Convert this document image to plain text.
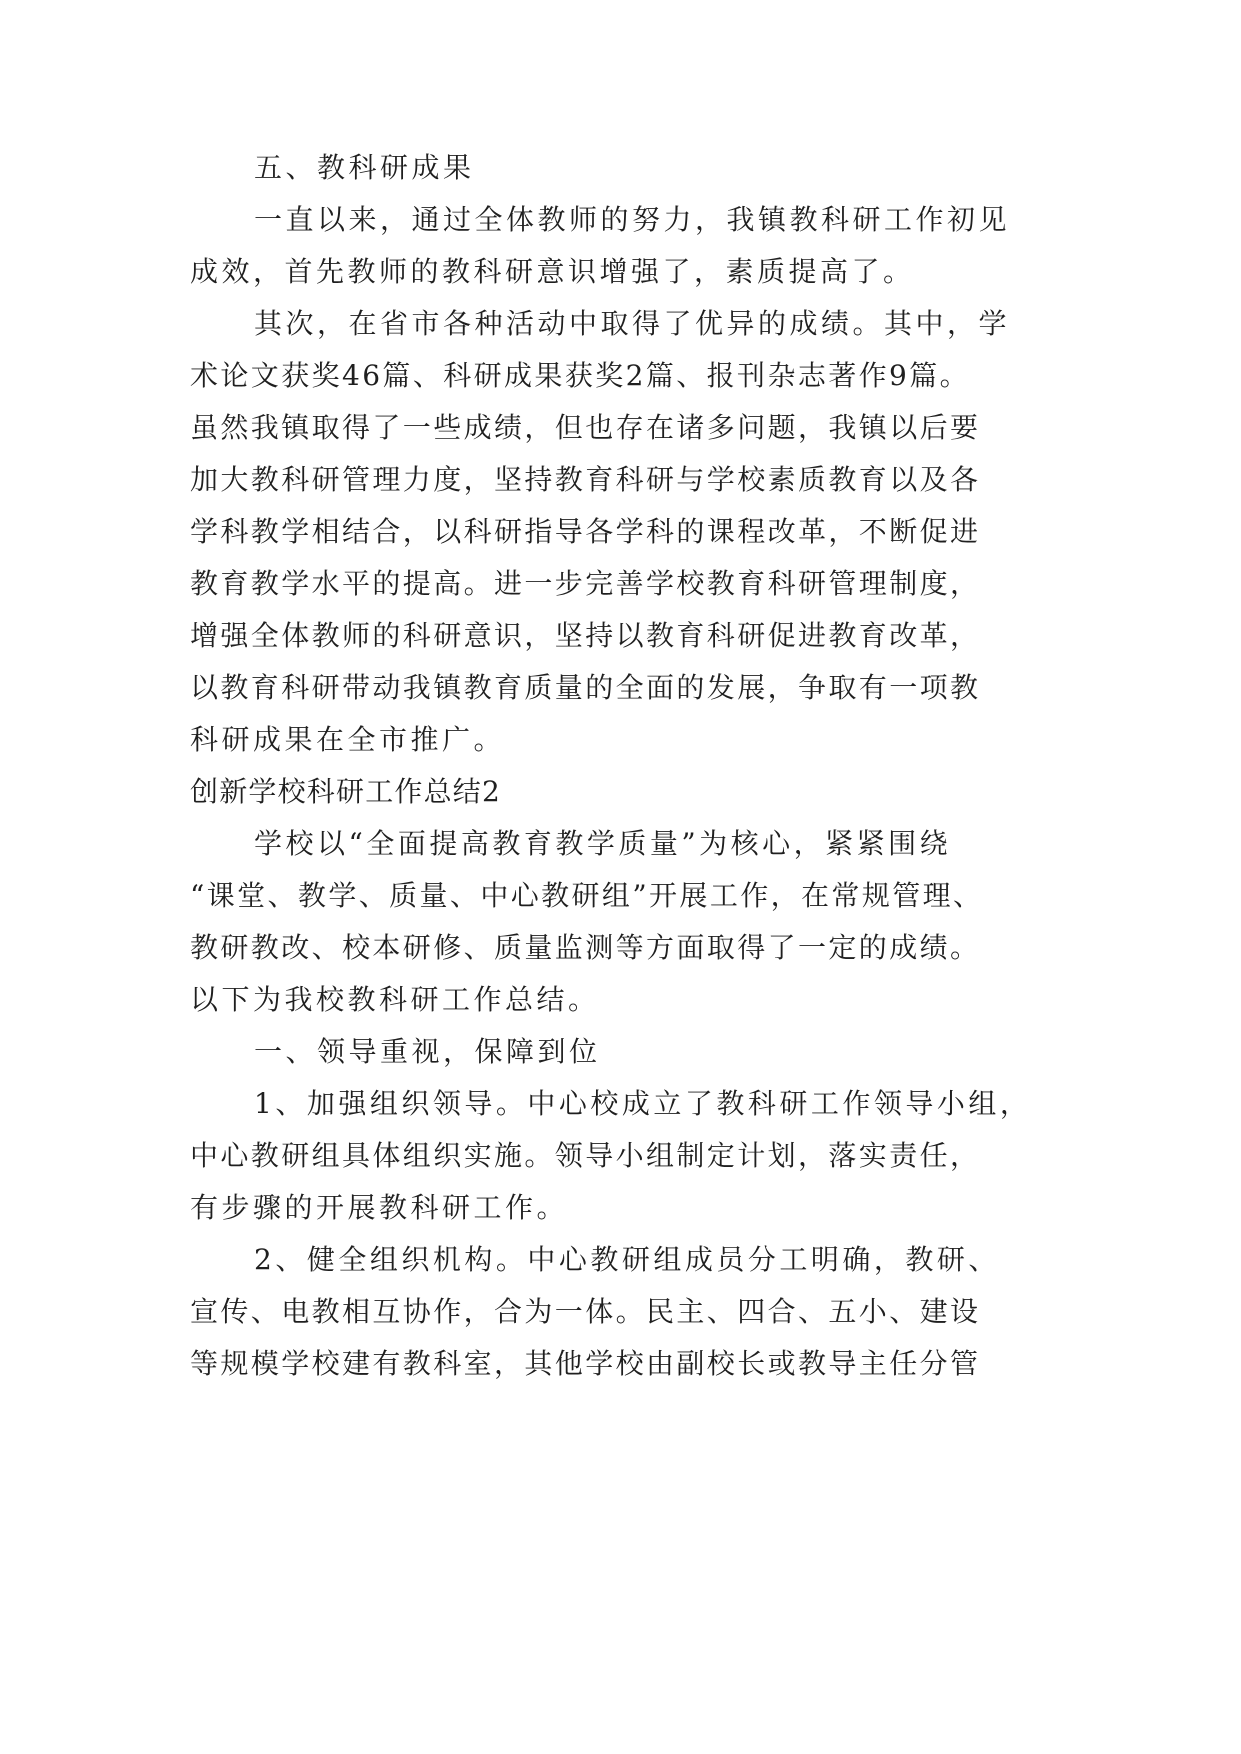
五、教科研成果
一直以来，通过全体教师的努力，我镇教科研工作初见
成效，首先教师的教科研意识增强了，素质提高了。
其次，在省市各种活动中取得了优异的成绩。其中，学
术论文获奖46篇、科研成果获奖2篇、报刊杂志著作9篇。
虽然我镇取得了一些成绩，但也存在诸多问题，我镇以后要
加大教科研管理力度，坚持教育科研与学校素质教育以及各
学科教学相结合，以科研指导各学科的课程改革，不断促进
教育教学水平的提高。进一步完善学校教育科研管理制度，
增强全体教师的科研意识，坚持以教育科研促进教育改革，
以教育科研带动我镇教育质量的全面的发展，争取有一项教
科研成果在全市推广。
创新学校科研工作总结2
学校以“全面提高教育教学质量”为核心，紧紧围绕
“课堂、教学、质量、中心教研组”开展工作，在常规管理、
教研教改、校本研修、质量监测等方面取得了一定的成绩。
以下为我校教科研工作总结。
一、领导重视，保障到位
1、加强组织领导。中心校成立了教科研工作领导小组，
中心教研组具体组织实施。领导小组制定计划，落实责任，
有步骤的开展教科研工作。
2、健全组织机构。中心教研组成员分工明确，教研、
宣传、电教相互协作，合为一体。民主、四合、五小、建设
等规模学校建有教科室，其他学校由副校长或教导主任分管
